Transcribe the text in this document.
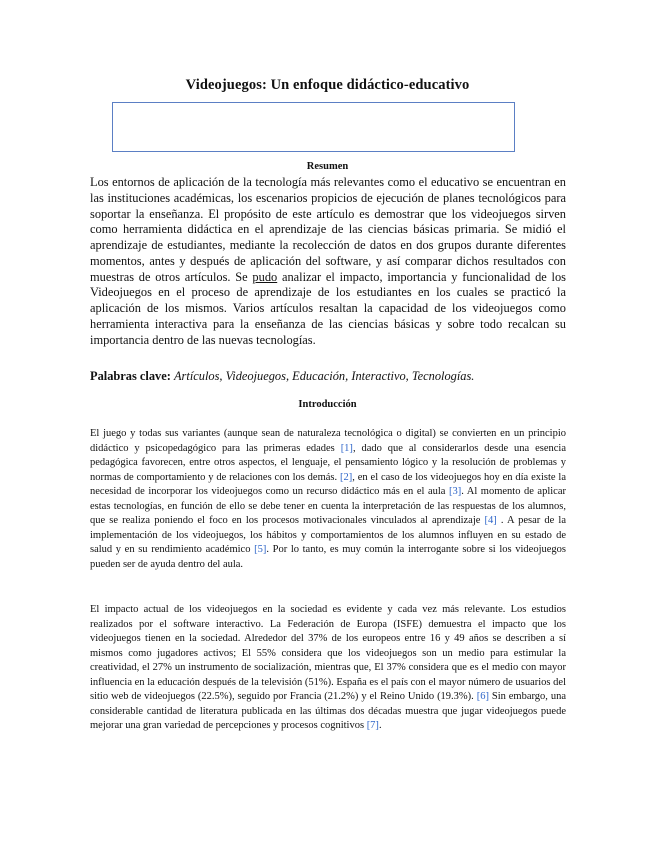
Videojuegos: Un enfoque didáctico-educativo
Resumen

Los entornos de aplicación de la tecnología más relevantes como el educativo se encuentran en las instituciones académicas, los escenarios propicios de ejecución de planes tecnológicos para soportar la enseñanza. El propósito de este artículo es demostrar que los videojuegos sirven como herramienta didáctica en el aprendizaje de las ciencias básicas primaria. Se midió el aprendizaje de estudiantes, mediante la recolección de datos en dos grupos durante diferentes momentos, antes y después de aplicación del software, y así comparar dichos resultados con muestras de otros artículos. Se pudo analizar el impacto, importancia y funcionalidad de los Videojuegos en el proceso de aprendizaje de los estudiantes en los cuales se practicó la aplicación de los mismos. Varios artículos resaltan la capacidad de los videojuegos como herramienta interactiva para la enseñanza de las ciencias básicas y sobre todo recalcan su importancia dentro de las nuevas tecnologías.

Palabras clave: Artículos, Videojuegos, Educación, Interactivo, Tecnologías.

Introducción

El juego y todas sus variantes (aunque sean de naturaleza tecnológica o digital) se convierten en un principio didáctico y psicopedagógico para las primeras edades [1], dado que al considerarlos desde una esencia pedagógica favorecen, entre otros aspectos, el lenguaje, el pensamiento lógico y la resolución de problemas y normas de comportamiento y de relaciones con los demás. [2], en el caso de los videojuegos hoy en día existe la necesidad de incorporar los videojuegos como un recurso didáctico más en el aula [3]. Al momento de aplicar estas tecnologías, en función de ello se debe tener en cuenta la interpretación de las respuestas de los alumnos, que se realiza poniendo el foco en los procesos motivacionales vinculados al aprendizaje [4] . A pesar de la implementación de los videojuegos, los hábitos y comportamientos de los alumnos influyen en su estado de salud y en su rendimiento académico [5]. Por lo tanto, es muy común la interrogante sobre si los videojuegos pueden ser de ayuda dentro del aula.

El impacto actual de los videojuegos en la sociedad es evidente y cada vez más relevante. Los estudios realizados por el software interactivo. La Federación de Europa (ISFE) demuestra el impacto que los videojuegos tienen en la sociedad. Alrededor del 37% de los europeos entre 16 y 49 años se describen a sí mismos como jugadores activos; El 55% considera que los videojuegos son un medio para estimular la creatividad, el 27% un instrumento de socialización, mientras que, El 37% considera que es el medio con mayor influencia en la educación después de la televisión (51%). España es el país con el mayor número de usuarios del sitio web de videojuegos (22.5%), seguido por Francia (21.2%) y el Reino Unido (19.3%). [6] Sin embargo, una considerable cantidad de literatura publicada en las últimas dos décadas muestra que jugar videojuegos puede mejorar una gran variedad de percepciones y procesos cognitivos [7].
